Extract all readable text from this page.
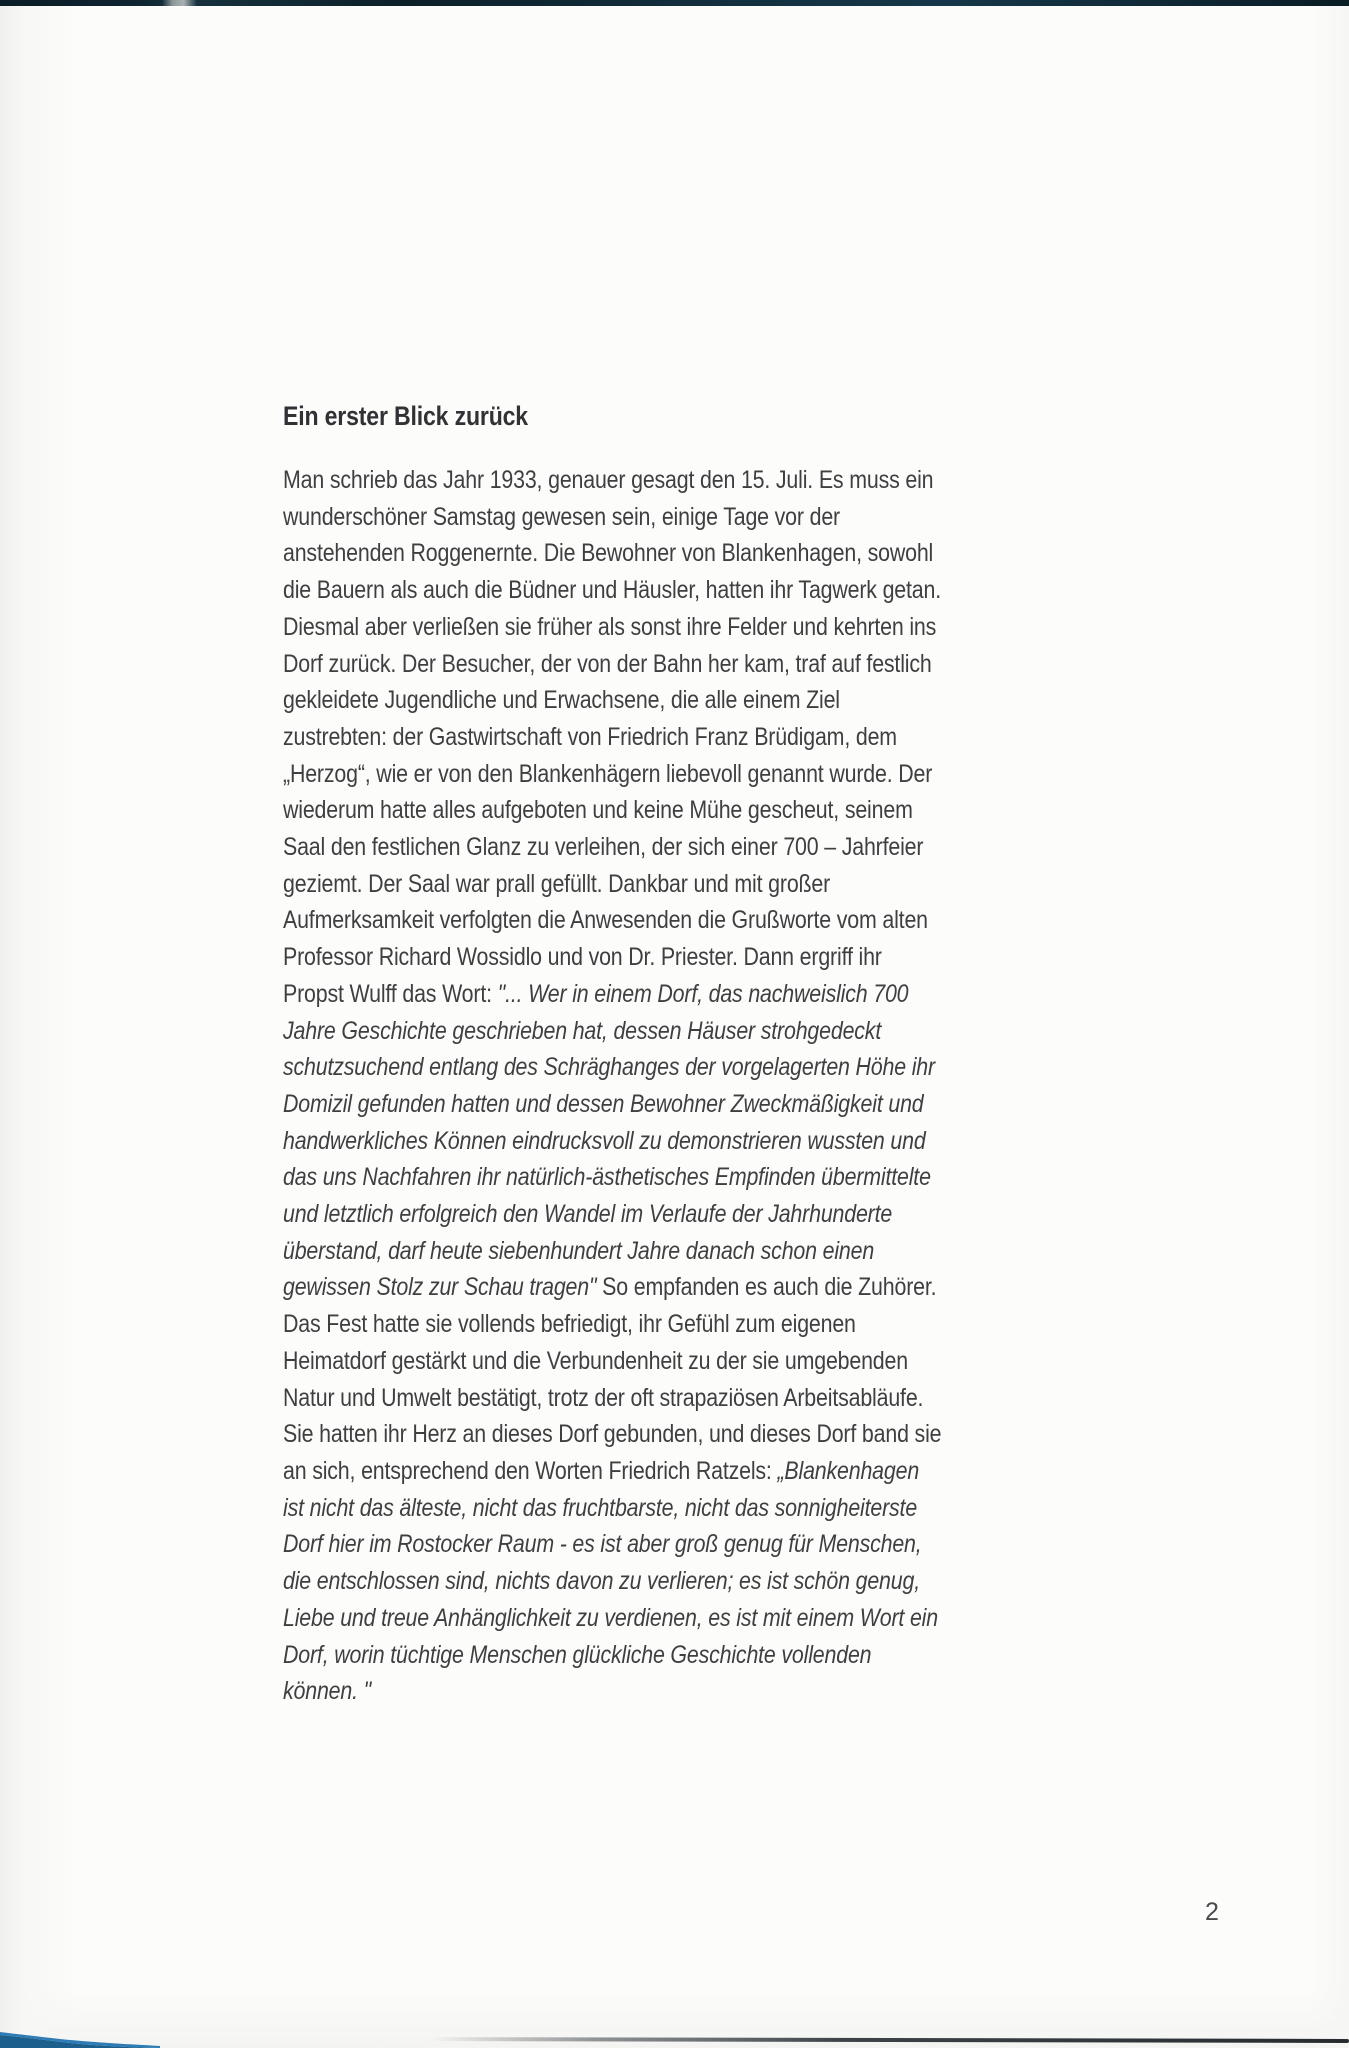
Ein erster Blick zurück

Man schrieb das Jahr 1933, genauer gesagt den 15. Juli. Es muss ein wunderschöner Samstag gewesen sein, einige Tage vor der anstehenden Roggenernte. Die Bewohner von Blankenhagen, sowohl die Bauern als auch die Büdner und Häusler, hatten ihr Tagwerk getan. Diesmal aber verließen sie früher als sonst ihre Felder und kehrten ins Dorf zurück. Der Besucher, der von der Bahn her kam, traf auf festlich gekleidete Jugendliche und Erwachsene, die alle einem Ziel zustrebten: der Gastwirtschaft von Friedrich Franz Brüdigam, dem „Herzog“, wie er von den Blankenhägern liebevoll genannt wurde. Der wiederum hatte alles aufgeboten und keine Mühe gescheut, seinem Saal den festlichen Glanz zu verleihen, der sich einer 700 – Jahrfeier geziemt. Der Saal war prall gefüllt. Dankbar und mit großer Aufmerksamkeit verfolgten die Anwesenden die Grußworte vom alten Professor Richard Wossidlo und von Dr. Priester. Dann ergriff ihr Propst Wulff das Wort: "... Wer in einem Dorf, das nachweislich 700 Jahre Geschichte geschrieben hat, dessen Häuser strohgedeckt schutzsuchend entlang des Schräghanges der vorgelagerten Höhe ihr Domizil gefunden hatten und dessen Bewohner Zweckmäßigkeit und handwerkliches Können eindrucksvoll zu demonstrieren wussten und das uns Nachfahren ihr natürlich-ästhetisches Empfinden übermittelte und letztlich erfolgreich den Wandel im Verlaufe der Jahrhunderte überstand, darf heute siebenhundert Jahre danach schon einen gewissen Stolz zur Schau tragen" So empfanden es auch die Zuhörer. Das Fest hatte sie vollends befriedigt, ihr Gefühl zum eigenen Heimatdorf gestärkt und die Verbundenheit zu der sie umgebenden Natur und Umwelt bestätigt, trotz der oft strapaziösen Arbeitsabläufe. Sie hatten ihr Herz an dieses Dorf gebunden, und dieses Dorf band sie an sich, entsprechend den Worten Friedrich Ratzels: „Blankenhagen ist nicht das älteste, nicht das fruchtbarste, nicht das sonnigheiterste Dorf hier im Rostocker Raum - es ist aber groß genug für Menschen, die entschlossen sind, nichts davon zu verlieren; es ist schön genug, Liebe und treue Anhänglichkeit zu verdienen, es ist mit einem Wort ein Dorf, worin tüchtige Menschen glückliche Geschichte vollenden können. "

2
